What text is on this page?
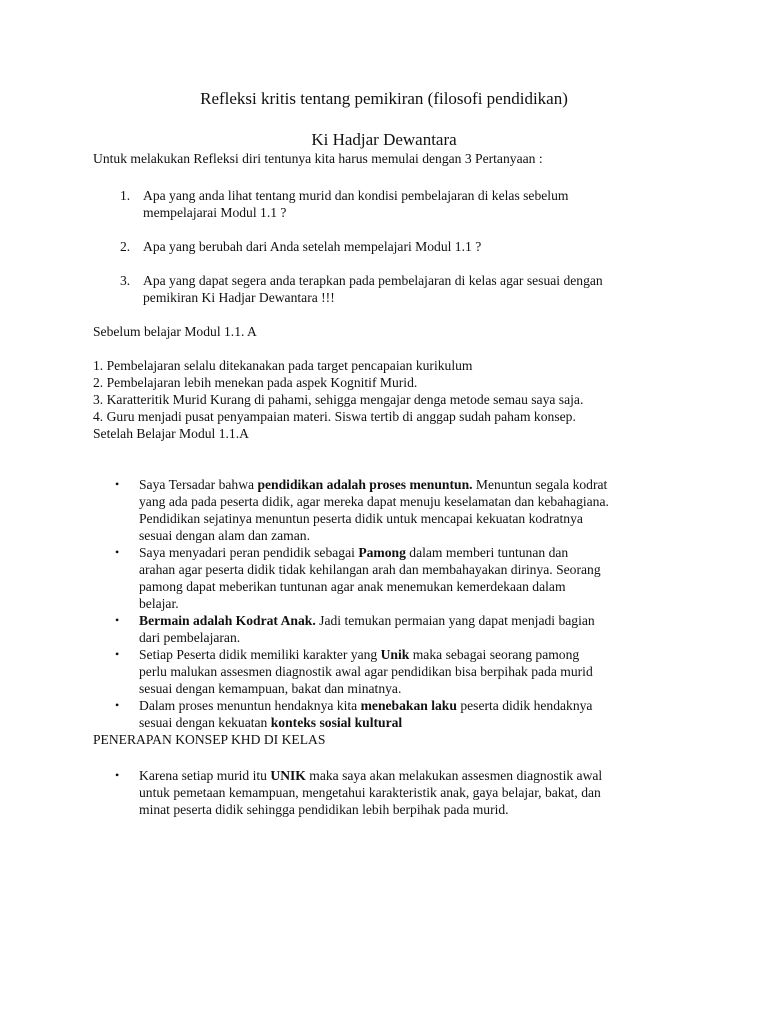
Refleksi kritis tentang pemikiran (filosofi pendidikan)

Ki Hadjar Dewantara

Untuk melakukan Refleksi diri tentunya kita harus memulai dengan 3 Pertanyaan :

1. Apa yang anda lihat tentang murid dan kondisi pembelajaran di kelas sebelum
mempelajarai Modul 1.1 ?
2. Apa yang berubah dari Anda setelah mempelajari Modul 1.1 ?
3. Apa yang dapat segera anda terapkan pada pembelajaran di kelas agar sesuai dengan
pemikiran Ki Hadjar Dewantara !!!

Sebelum belajar Modul 1.1. A

1. Pembelajaran selalu ditekanakan pada target pencapaian kurikulum

2. Pembelajaran lebih menekan pada aspek Kognitif Murid.

3. Karatteritik Murid Kurang di pahami, sehigga mengajar denga metode semau saya saja.

4. Guru menjadi pusat penyampaian materi. Siswa tertib di anggap sudah paham konsep.

Setelah Belajar Modul 1.1.A

• Saya Tersadar bahwa pendidikan adalah proses menuntun. Menuntun segala kodrat
yang ada pada peserta didik, agar mereka dapat menuju keselamatan dan kebahagiana.
Pendidikan sejatinya menuntun peserta didik untuk mencapai kekuatan kodratnya
sesuai dengan alam dan zaman.
• Saya menyadari peran pendidik sebagai Pamong dalam memberi tuntunan dan
arahan agar peserta didik tidak kehilangan arah dan membahayakan dirinya. Seorang
pamong dapat meberikan tuntunan agar anak menemukan kemerdekaan dalam
belajar.
• Bermain adalah Kodrat Anak. Jadi temukan permaian yang dapat menjadi bagian
dari pembelajaran.
• Setiap Peserta didik memiliki karakter yang Unik maka sebagai seorang pamong
perlu malukan assesmen diagnostik awal agar pendidikan bisa berpihak pada murid
sesuai dengan kemampuan, bakat dan minatnya.
• Dalam proses menuntun hendaknya kita menebakan laku peserta didik hendaknya
sesuai dengan kekuatan konteks sosial kultural

PENERAPAN KONSEP KHD DI KELAS

• Karena setiap murid itu UNIK maka saya akan melakukan assesmen diagnostik awal
untuk pemetaan kemampuan, mengetahui karakteristik anak, gaya belajar, bakat, dan
minat peserta didik sehingga pendidikan lebih berpihak pada murid.
